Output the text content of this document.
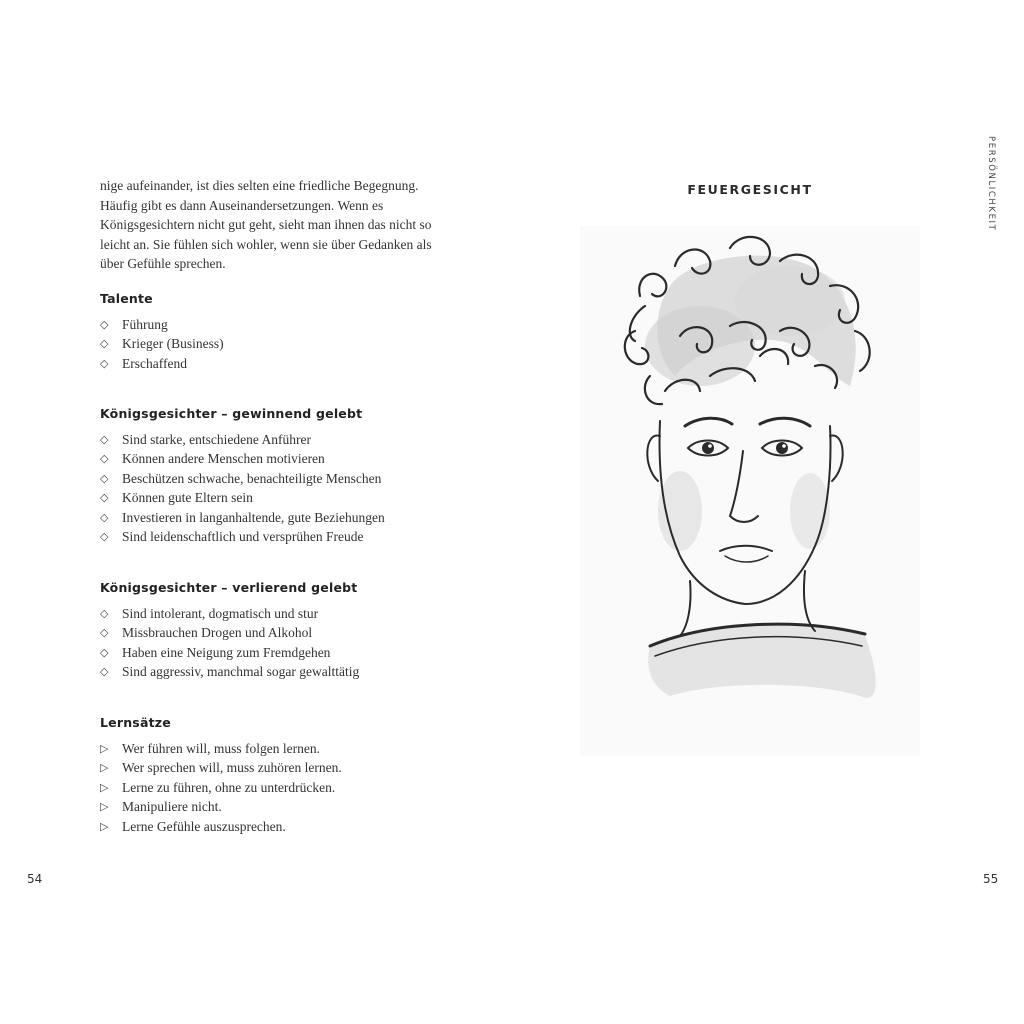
nige aufeinander, ist dies selten eine friedliche Begegnung. Häufig gibt es dann Auseinandersetzungen. Wenn es Königsgesichtern nicht gut geht, sieht man ihnen das nicht so leicht an. Sie fühlen sich wohler, wenn sie über Gedanken als über Gefühle sprechen.

Talente
◇	Führung
◇	Krieger (Business)
◇	Erschaffend
Königsgesichter – gewinnend gelebt
◇	Sind starke, entschiedene Anführer
◇	Können andere Menschen motivieren
◇	Beschützen schwache, benachteiligte Menschen
◇	Können gute Eltern sein
◇	Investieren in langanhaltende, gute Beziehungen
◇	Sind leidenschaftlich und versprühen Freude
Königsgesichter – verlierend gelebt
◇	Sind intolerant, dogmatisch und stur
◇	Missbrauchen Drogen und Alkohol
◇	Haben eine Neigung zum Fremdgehen
◇	Sind aggressiv, manchmal sogar gewalttätig
Lernsätze
▷	Wer führen will, muss folgen lernen.
▷	Wer sprechen will, muss zuhören lernen.
▷	Lerne zu führen, ohne zu unterdrücken.
▷	Manipuliere nicht.
▷	Lerne Gefühle auszusprechen.
54
FEUERGESICHT	PERSÖNLICHKEIT
55
